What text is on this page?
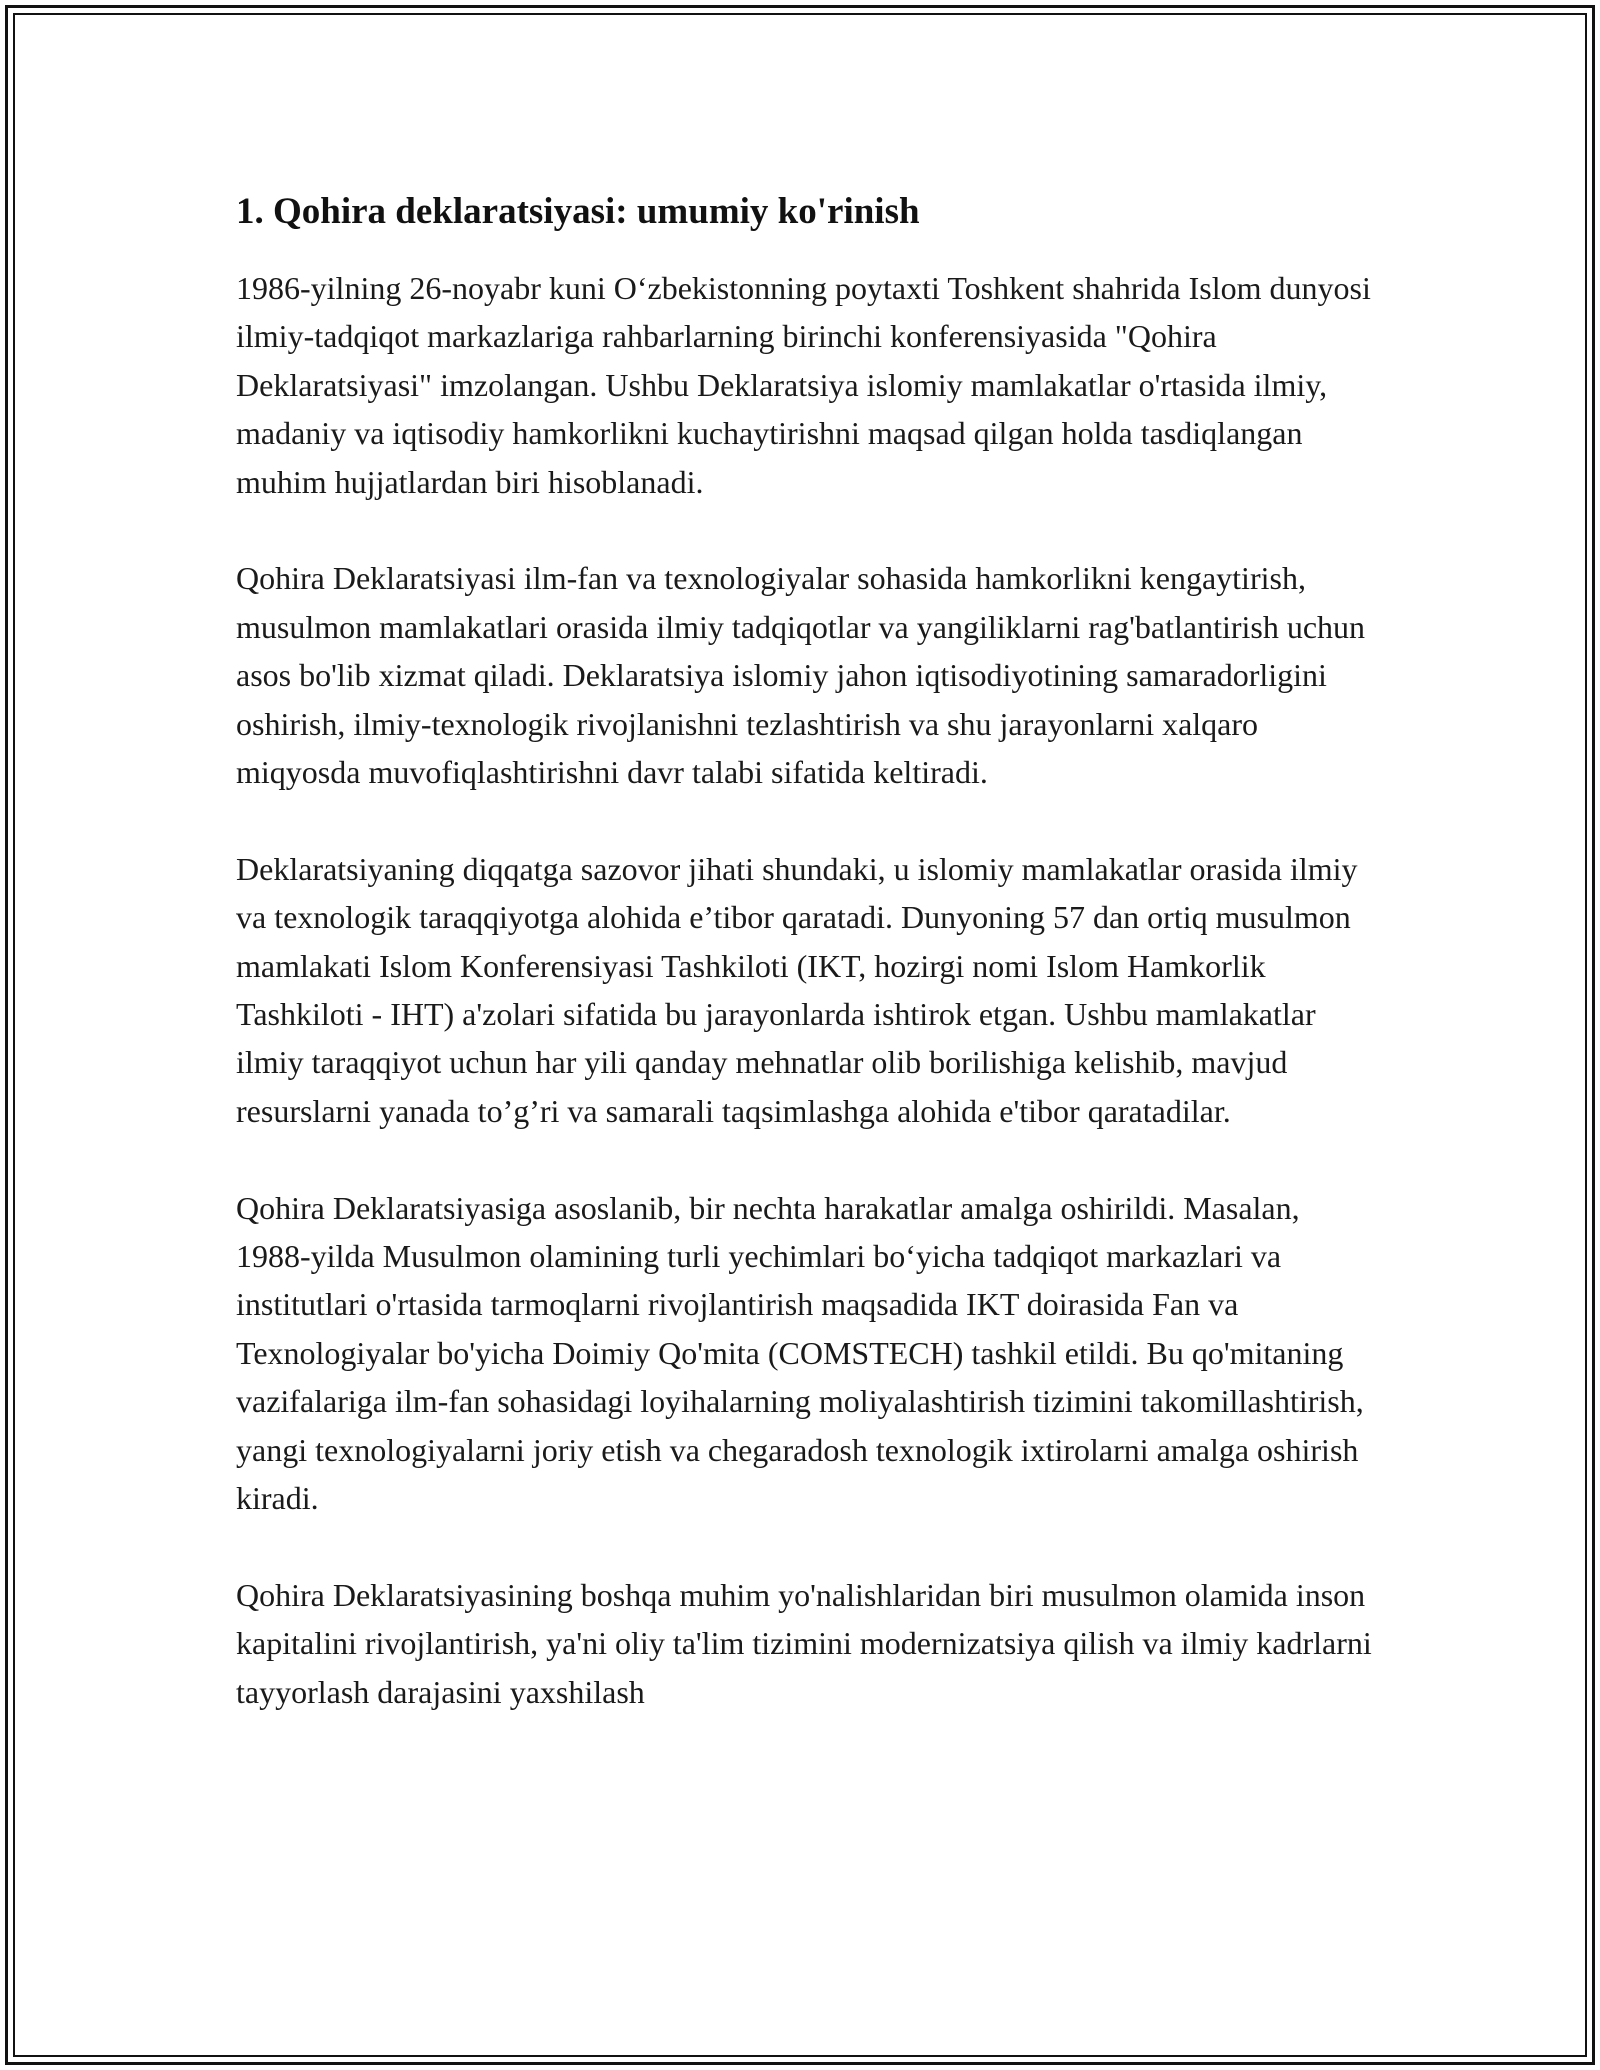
1. Qohira deklaratsiyasi: umumiy ko'rinish

1986-yilning 26-noyabr kuni O‘zbekistonning poytaxti Toshkent shahrida Islom dunyosi ilmiy-tadqiqot markazlariga rahbarlarning birinchi konferensiyasida "Qohira Deklaratsiyasi" imzolangan. Ushbu Deklaratsiya islomiy mamlakatlar o'rtasida ilmiy, madaniy va iqtisodiy hamkorlikni kuchaytirishni maqsad qilgan holda tasdiqlangan muhim hujjatlardan biri hisoblanadi.

Qohira Deklaratsiyasi ilm-fan va texnologiyalar sohasida hamkorlikni kengaytirish, musulmon mamlakatlari orasida ilmiy tadqiqotlar va yangiliklarni rag'batlantirish uchun asos bo'lib xizmat qiladi. Deklaratsiya islomiy jahon iqtisodiyotining samaradorligini oshirish, ilmiy-texnologik rivojlanishni tezlashtirish va shu jarayonlarni xalqaro miqyosda muvofiqlashtirishni davr talabi sifatida keltiradi.

Deklaratsiyaning diqqatga sazovor jihati shundaki, u islomiy mamlakatlar orasida ilmiy va texnologik taraqqiyotga alohida e’tibor qaratadi. Dunyoning 57 dan ortiq musulmon mamlakati Islom Konferensiyasi Tashkiloti (IKT, hozirgi nomi Islom Hamkorlik Tashkiloti - IHT) a'zolari sifatida bu jarayonlarda ishtirok etgan. Ushbu mamlakatlar ilmiy taraqqiyot uchun har yili qanday mehnatlar olib borilishiga kelishib, mavjud resurslarni yanada to’g’ri va samarali taqsimlashga alohida e'tibor qaratadilar.

Qohira Deklaratsiyasiga asoslanib, bir nechta harakatlar amalga oshirildi. Masalan, 1988-yilda Musulmon olamining turli yechimlari bo‘yicha tadqiqot markazlari va institutlari o'rtasida tarmoqlarni rivojlantirish maqsadida IKT doirasida Fan va Texnologiyalar bo'yicha Doimiy Qo'mita (COMSTECH) tashkil etildi. Bu qo'mitaning vazifalariga ilm-fan sohasidagi loyihalarning moliyalashtirish tizimini takomillashtirish, yangi texnologiyalarni joriy etish va chegaradosh texnologik ixtirolarni amalga oshirish kiradi.

Qohira Deklaratsiyasining boshqa muhim yo'nalishlaridan biri musulmon olamida inson kapitalini rivojlantirish, ya'ni oliy ta'lim tizimini modernizatsiya qilish va ilmiy kadrlarni tayyorlash darajasini yaxshilash
